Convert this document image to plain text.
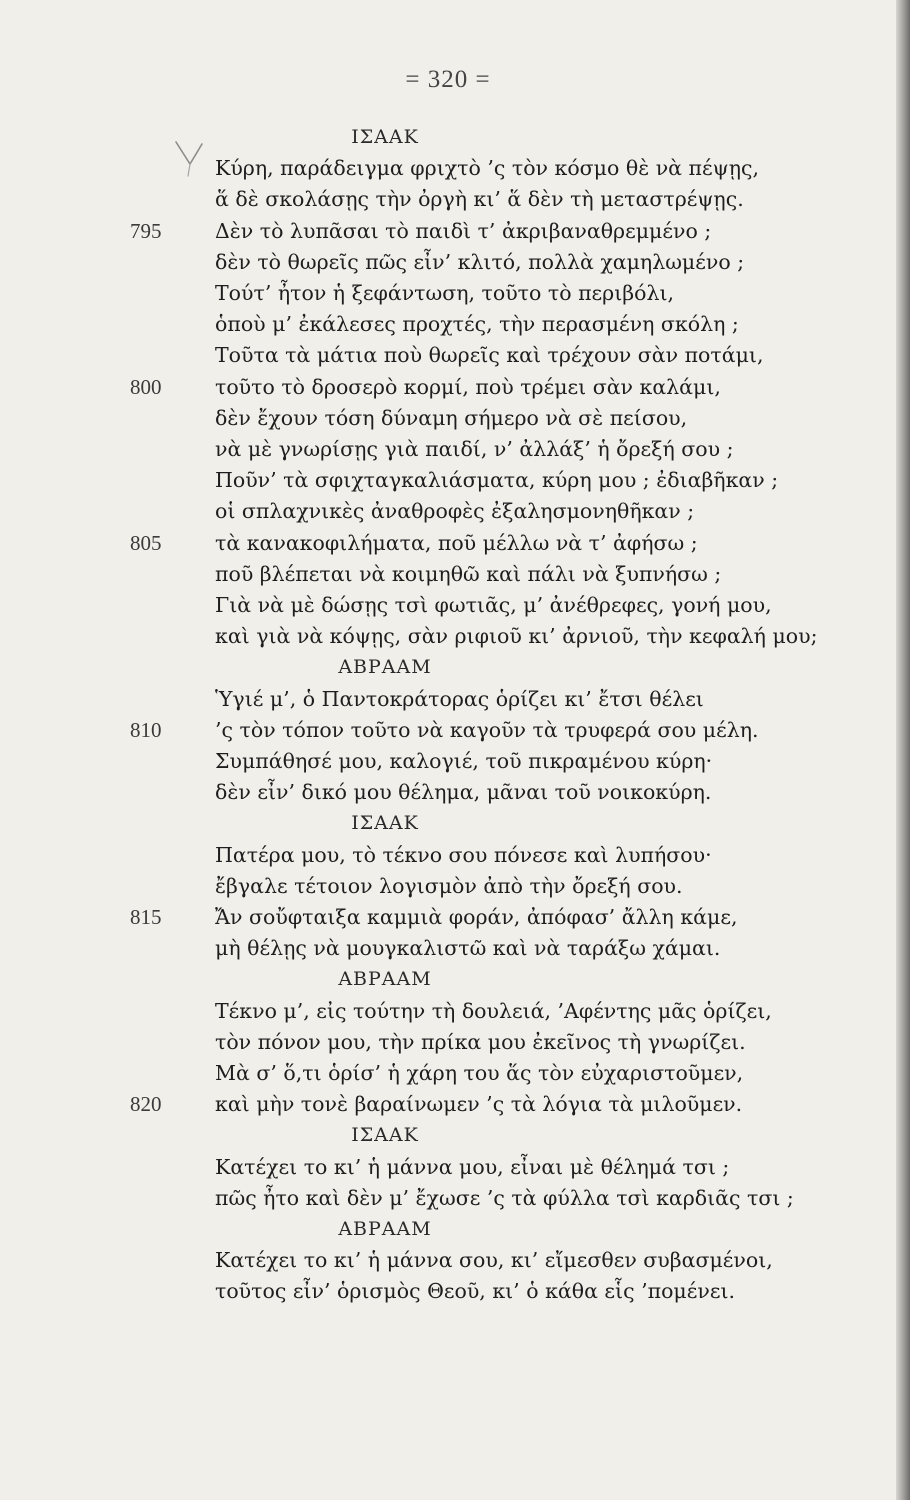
= 320 =
ΙΣΑΑΚ
Κύρη, παράδειγμα φριχτὸ ’ς τὸν κόσμο θὲ νὰ πέψῃς,
ἅ δὲ σκολάσῃς τὴν ὀργὴ κι’ ἅ δὲν τὴ μεταστρέψῃς.
795	Δὲν τὸ λυπᾶσαι τὸ παιδὶ τ’ ἀκριβαναθρεμμένο ;
δὲν τὸ θωρεῖς πῶς εἶν’ κλιτό, πολλὰ χαμηλωμένο ;
Τούτ’ ἦτον ἡ ξεφάντωση, τοῦτο τὸ περιβόλι,
ὁποὺ μ’ ἐκάλεσες προχτές, τὴν περασμένη σκόλη ;
Τοῦτα τὰ μάτια ποὺ θωρεῖς καὶ τρέχουν σὰν ποτάμι,
800	τοῦτο τὸ δροσερὸ κορμί, ποὺ τρέμει σὰν καλάμι,
δὲν ἔχουν τόση δύναμη σήμερο νὰ σὲ πείσου,
νὰ μὲ γνωρίσῃς γιὰ παιδί, ν’ ἀλλάξ’ ἡ ὄρεξή σου ;
Ποῦν’ τὰ σφιχταγκαλιάσματα, κύρη μου ; ἐδιαβῆκαν ;
οἱ σπλαχνικὲς ἀναθροφὲς ἐξαλησμονηθῆκαν ;
805	τὰ κανακοφιλήματα, ποῦ μέλλω νὰ τ’ ἀφήσω ;
ποῦ βλέπεται νὰ κοιμηθῶ καὶ πάλι νὰ ξυπνήσω ;
Γιὰ νὰ μὲ δώσῃς τσὶ φωτιᾶς, μ’ ἀνέθρεφες, γονή μου,
καὶ γιὰ νὰ κόψῃς, σὰν ριφιοῦ κι’ ἀρνιοῦ, τὴν κεφαλή μου;
ΑΒΡΑΑΜ
Ὑγιέ μ’, ὁ Παντοκράτορας ὁρίζει κι’ ἔτσι θέλει
810	’ς τὸν τόπον τοῦτο νὰ καγοῦν τὰ τρυφερά σου μέλη.
Συμπάθησέ μου, καλογιέ, τοῦ πικραμένου κύρη·
δὲν εἶν’ δικό μου θέλημα, μᾶναι τοῦ νοικοκύρη.
ΙΣΑΑΚ
Πατέρα μου, τὸ τέκνο σου πόνεσε καὶ λυπήσου·
ἔβγαλε τέτοιον λογισμὸν ἀπὸ τὴν ὄρεξή σου.
815	Ἄν σοὔφταιξα καμμιὰ φοράν, ἀπόφασ’ ἄλλη κάμε,
μὴ θέλῃς νὰ μουγκαλιστῶ καὶ νὰ ταράξω χάμαι.
ΑΒΡΑΑΜ
Τέκνο μ’, εἰς τούτην τὴ δουλειά, ’Αφέντης μᾶς ὁρίζει,
τὸν πόνον μου, τὴν πρίκα μου ἐκεῖνος τὴ γνωρίζει.
Μὰ σ’ ὅ,τι ὁρίσ’ ἡ χάρη του ἅς τὸν εὐχαριστοῦμεν,
820	καὶ μὴν τονὲ βαραίνωμεν ’ς τὰ λόγια τὰ μιλοῦμεν.
ΙΣΑΑΚ
Κατέχει το κι’ ἡ μάννα μου, εἶναι μὲ θέλημά τσι ;
πῶς ἦτο καὶ δὲν μ’ ἔχωσε ’ς τὰ φύλλα τσὶ καρδιᾶς τσι ;
ΑΒΡΑΑΜ
Κατέχει το κι’ ἡ μάννα σου, κι’ εἴμεσθεν συβασμένοι,
τοῦτος εἶν’ ὁρισμὸς Θεοῦ, κι’ ὁ κάθα εἷς ’πομένει.
